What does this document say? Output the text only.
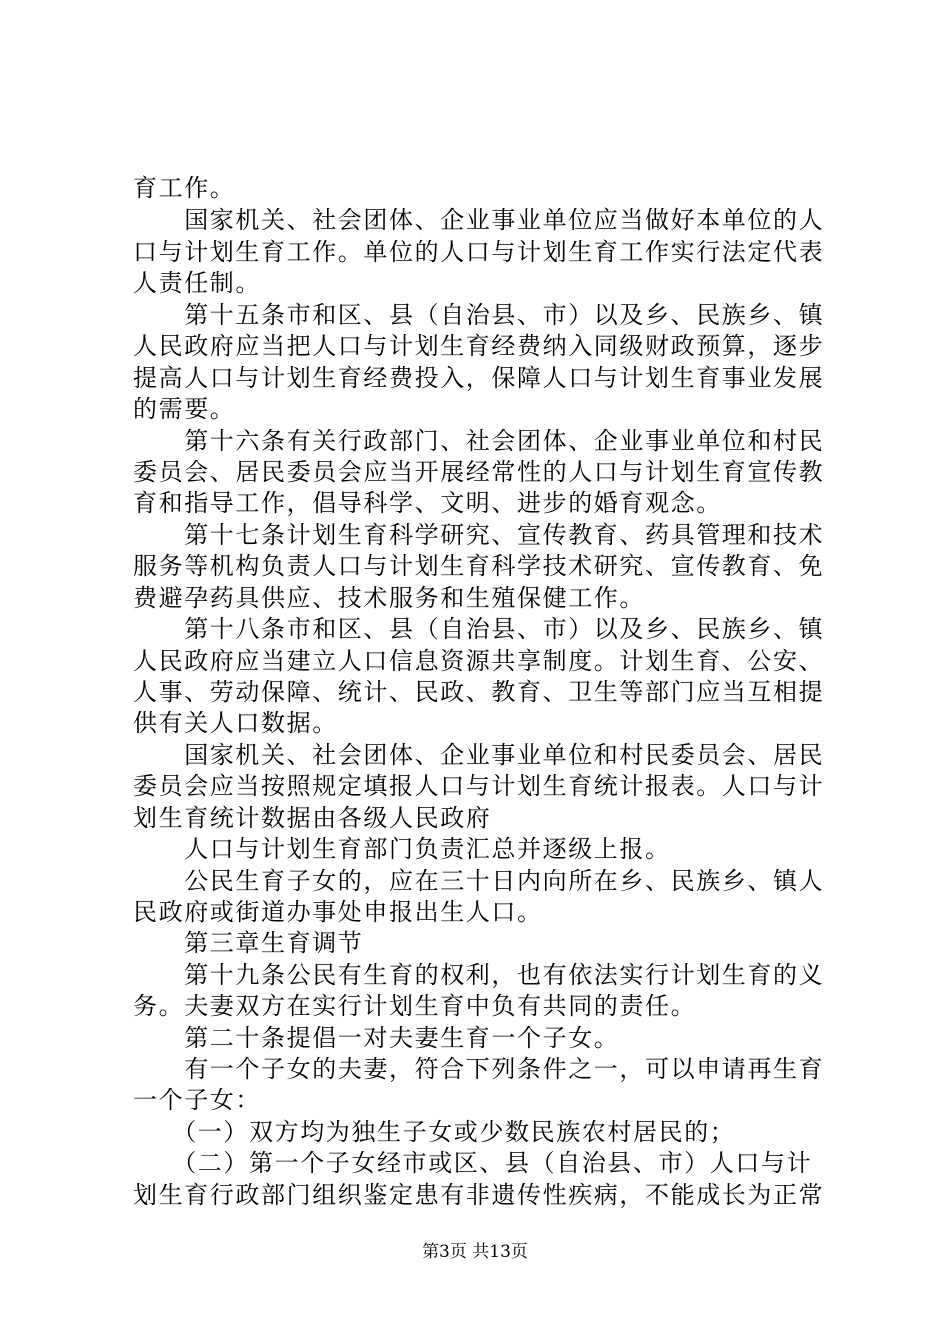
育工作。
　　国家机关、社会团体、企业事业单位应当做好本单位的人
口与计划生育工作。单位的人口与计划生育工作实行法定代表
人责任制。
　　第十五条市和区、县（自治县、市）以及乡、民族乡、镇
人民政府应当把人口与计划生育经费纳入同级财政预算，逐步
提高人口与计划生育经费投入，保障人口与计划生育事业发展
的需要。
　　第十六条有关行政部门、社会团体、企业事业单位和村民
委员会、居民委员会应当开展经常性的人口与计划生育宣传教
育和指导工作，倡导科学、文明、进步的婚育观念。
　　第十七条计划生育科学研究、宣传教育、药具管理和技术
服务等机构负责人口与计划生育科学技术研究、宣传教育、免
费避孕药具供应、技术服务和生殖保健工作。
　　第十八条市和区、县（自治县、市）以及乡、民族乡、镇
人民政府应当建立人口信息资源共享制度。计划生育、公安、
人事、劳动保障、统计、民政、教育、卫生等部门应当互相提
供有关人口数据。
　　国家机关、社会团体、企业事业单位和村民委员会、居民
委员会应当按照规定填报人口与计划生育统计报表。人口与计
划生育统计数据由各级人民政府
　　人口与计划生育部门负责汇总并逐级上报。
　　公民生育子女的，应在三十日内向所在乡、民族乡、镇人
民政府或街道办事处申报出生人口。
　　第三章生育调节
　　第十九条公民有生育的权利，也有依法实行计划生育的义
务。夫妻双方在实行计划生育中负有共同的责任。
　　第二十条提倡一对夫妻生育一个子女。
　　有一个子女的夫妻，符合下列条件之一，可以申请再生育
一个子女：
　　（一）双方均为独生子女或少数民族农村居民的；
　　（二）第一个子女经市或区、县（自治县、市）人口与计
划生育行政部门组织鉴定患有非遗传性疾病，不能成长为正常
第3页 共13页
